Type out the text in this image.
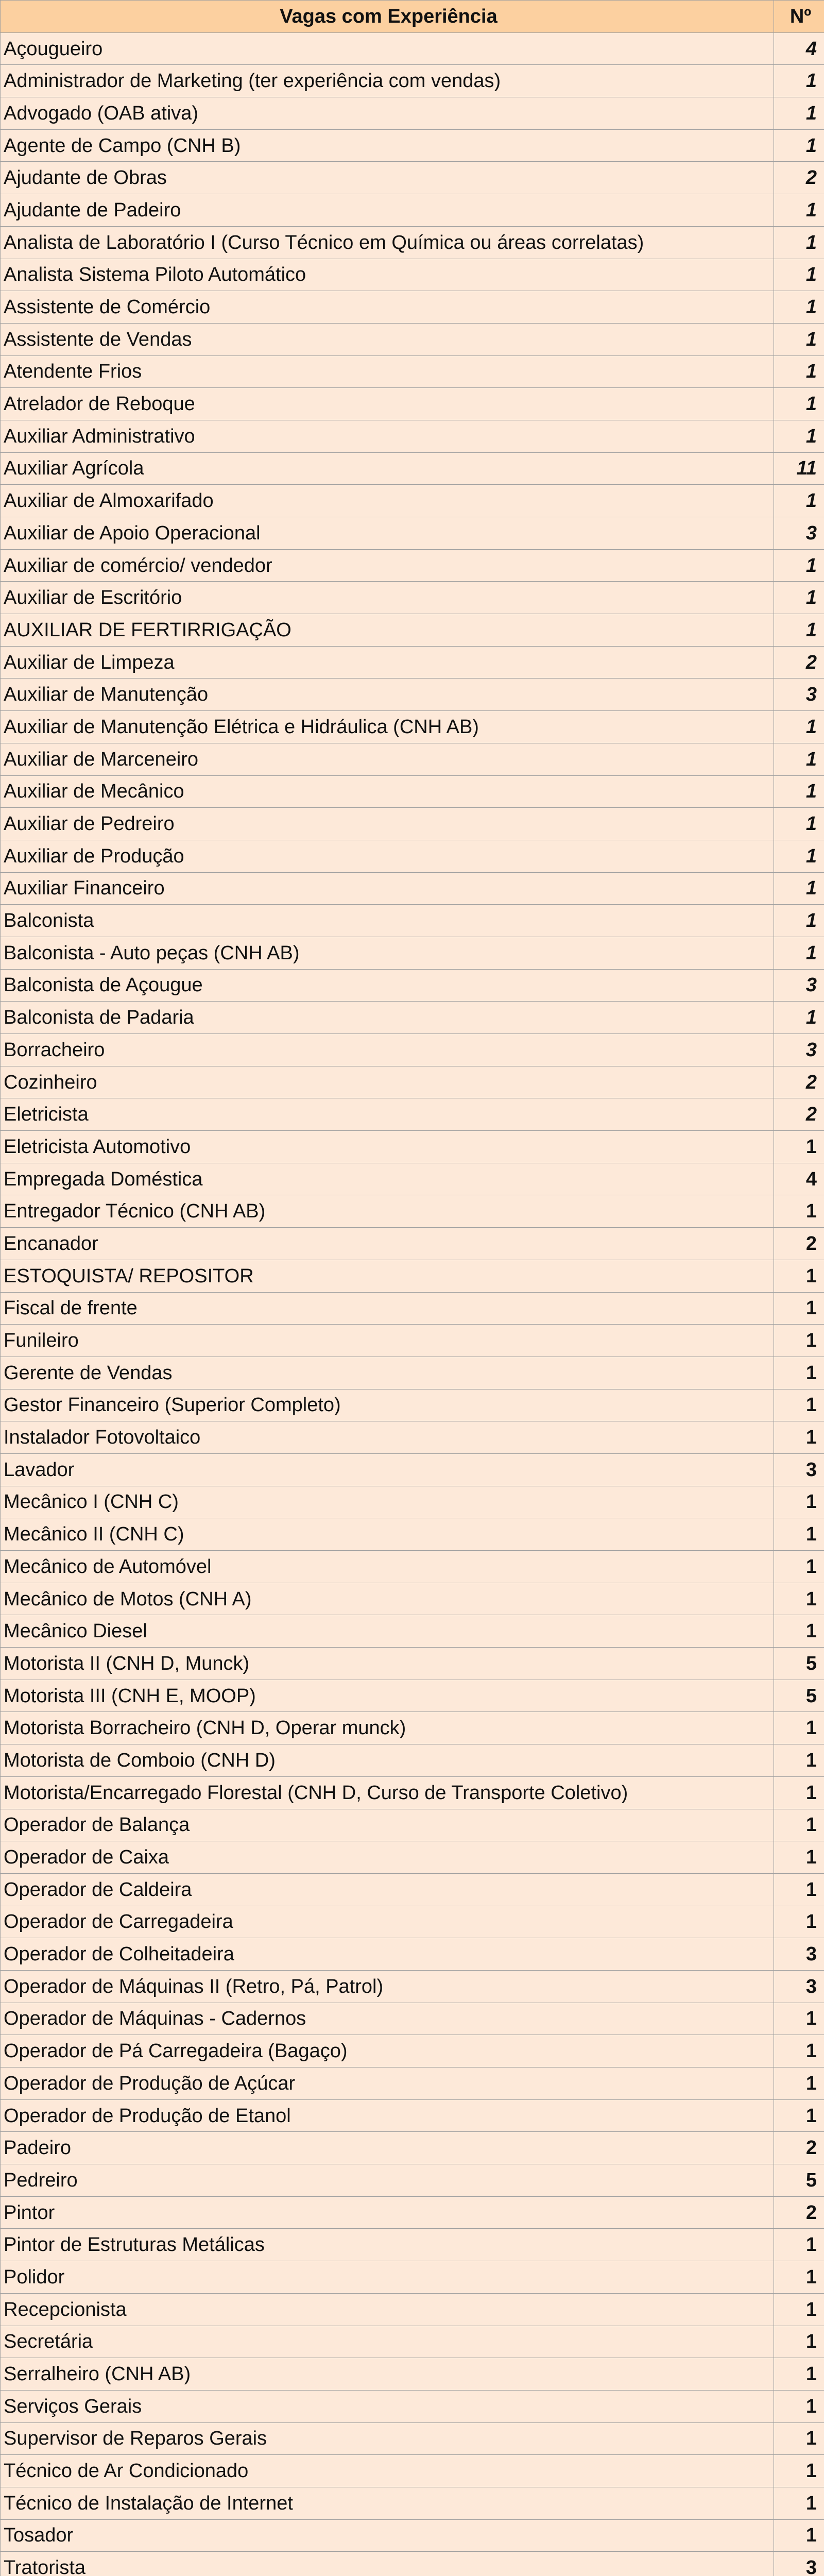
Vagas com Experiência	Nº
Açougueiro	4
Administrador de Marketing (ter experiência com vendas)	1
Advogado (OAB ativa)	1
Agente de Campo (CNH B)	1
Ajudante de Obras	2
Ajudante de Padeiro	1
Analista de Laboratório I (Curso Técnico em Química ou áreas correlatas)	1
Analista Sistema Piloto Automático	1
Assistente de Comércio	1
Assistente de Vendas	1
Atendente Frios	1
Atrelador de Reboque	1
Auxiliar Administrativo	1
Auxiliar Agrícola	11
Auxiliar de Almoxarifado	1
Auxiliar de Apoio Operacional	3
Auxiliar de comércio/ vendedor	1
Auxiliar de Escritório	1
AUXILIAR DE FERTIRRIGAÇÃO	1
Auxiliar de Limpeza	2
Auxiliar de Manutenção	3
Auxiliar de Manutenção Elétrica e Hidráulica (CNH AB)	1
Auxiliar de Marceneiro	1
Auxiliar de Mecânico	1
Auxiliar de Pedreiro	1
Auxiliar de Produção	1
Auxiliar Financeiro	1
Balconista	1
Balconista - Auto peças (CNH AB)	1
Balconista de Açougue	3
Balconista de Padaria	1
Borracheiro	3
Cozinheiro	2
Eletricista	2
Eletricista Automotivo	1
Empregada Doméstica	4
Entregador Técnico (CNH AB)	1
Encanador	2
ESTOQUISTA/ REPOSITOR	1
Fiscal de frente	1
Funileiro	1
Gerente de Vendas	1
Gestor Financeiro (Superior Completo)	1
Instalador Fotovoltaico	1
Lavador	3
Mecânico I (CNH C)	1
Mecânico II (CNH C)	1
Mecânico de Automóvel	1
Mecânico de Motos (CNH A)	1
Mecânico Diesel	1
Motorista II (CNH D, Munck)	5
Motorista III (CNH E, MOOP)	5
Motorista Borracheiro (CNH D, Operar munck)	1
Motorista de Comboio (CNH D)	1
Motorista/Encarregado Florestal (CNH D, Curso de Transporte Coletivo)	1
Operador de Balança	1
Operador de Caixa	1
Operador de Caldeira	1
Operador de Carregadeira	1
Operador de Colheitadeira	3
Operador de Máquinas II (Retro, Pá, Patrol)	3
Operador de Máquinas - Cadernos	1
Operador de Pá Carregadeira (Bagaço)	1
Operador de Produção de Açúcar	1
Operador de Produção de Etanol	1
Padeiro	2
Pedreiro	5
Pintor	2
Pintor de Estruturas Metálicas	1
Polidor	1
Recepcionista	1
Secretária	1
Serralheiro (CNH AB)	1
Serviços Gerais	1
Supervisor de Reparos Gerais	1
Técnico de Ar Condicionado	1
Técnico de Instalação de Internet	1
Tosador	1
Tratorista	3
